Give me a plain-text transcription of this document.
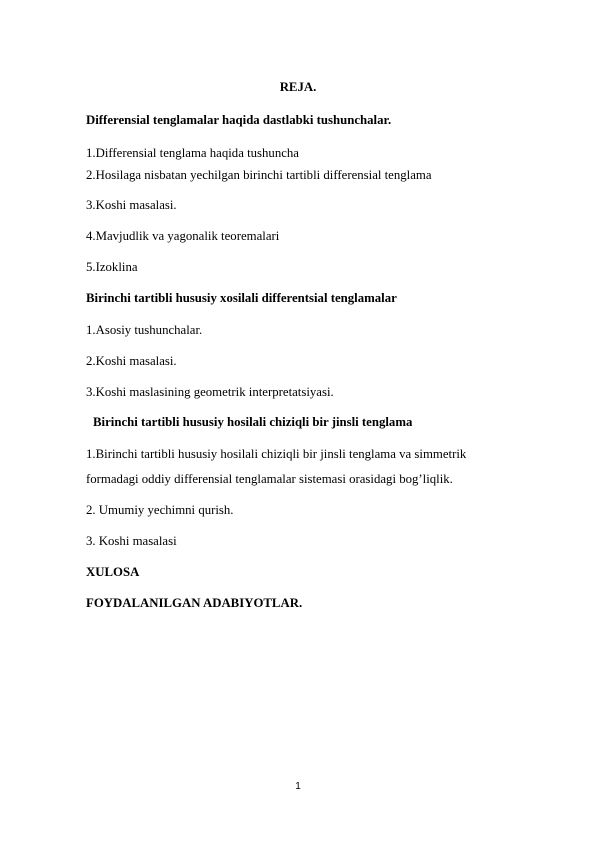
REJA.
Differensial tenglamalar haqida dastlabki tushunchalar.
1.Differensial tenglama haqida tushuncha
2.Hosilaga nisbatan yechilgan birinchi tartibli differensial tenglama
3.Koshi masalasi.
4.Mavjudlik va yagonalik teoremalari
5.Izoklina
Birinchi tartibli hususiy xosilali differentsial tenglamalar
1.Asosiy tushunchalar.
2.Koshi masalasi.
3.Koshi maslasining geometrik interpretatsiyasi.
Birinchi tartibli hususiy hosilali chiziqli bir jinsli tenglama
1.Birinchi tartibli hususiy hosilali chiziqli bir jinsli tenglama va simmetrik
formadagi oddiy differensial tenglamalar sistemasi orasidagi bog’liqlik.
2. Umumiy yechimni qurish.
3. Koshi masalasi
XULOSA
FOYDALANILGAN ADABIYOTLAR.
1
